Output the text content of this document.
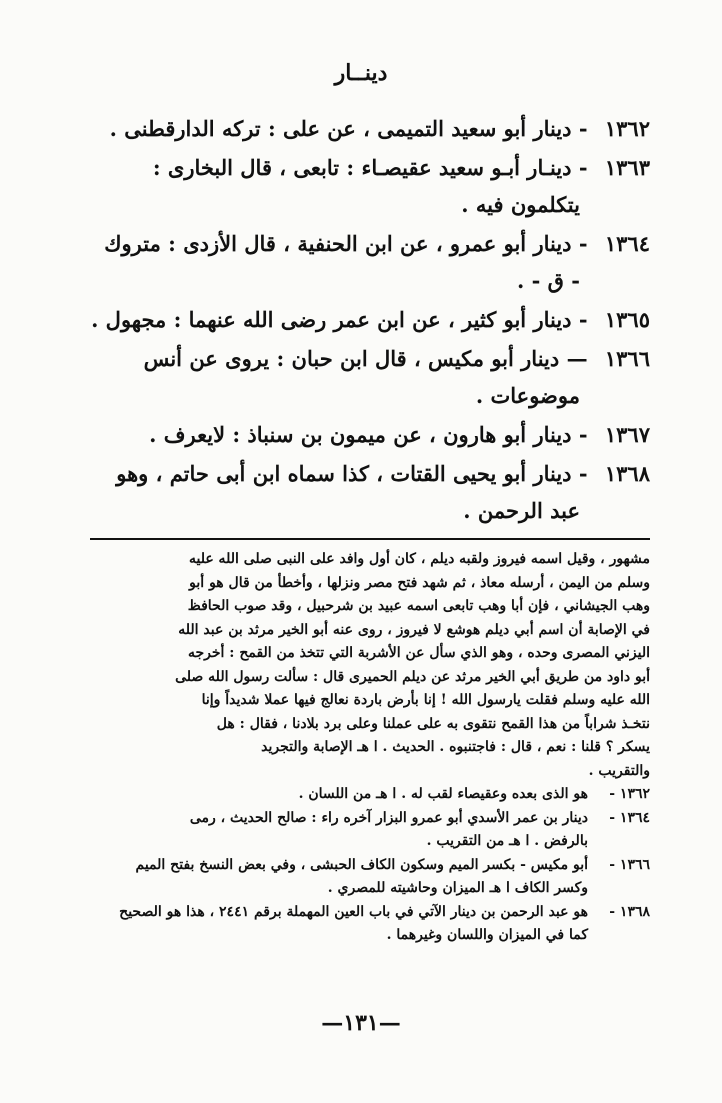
دينــار
١٣٦٢ - دينار أبو سعيد التميمى ، عن على : تركه الدارقطنى .
١٣٦٣ - دينـار أبـو سعيد عقيصـاء : تابعى ، قال البخارى :
يتكلمون فيه .
١٣٦٤ - دينار أبو عمرو ، عن ابن الحنفية ، قال الأزدى : متروك
- ق - .
١٣٦٥ - دينار أبو كثير ، عن ابن عمر رضى الله عنهما : مجهول .
١٣٦٦ — دينار أبو مكيس ، قال ابن حبان : يروى عن أنس
موضوعات .
١٣٦٧ - دينار أبو هارون ، عن ميمون بن سنباذ : لايعرف .
١٣٦٨ - دينار أبو يحيى القتات ، كذا سماه ابن أبى حاتم ، وهو
عبد الرحمن .

مشهور ، وقيل اسمه فيروز ولقبه ديلم ، كان أول وافد على النبى صلى الله عليه

وسلم من اليمن ، أرسله معاذ ، ثم شهد فتح مصر ونزلها ، وأخطأ من قال هو أبو

وهب الجيشاني ، فإن أبا وهب تابعى اسمه عبيد بن شرحبيل ، وقد صوب الحافظ

في الإصابة أن اسم أبي ديلم هوشع لا فيروز ، روى عنه أبو الخير مرثد بن عبد الله

اليزني المصرى وحده ، وهو الذي سأل عن الأشربة التي تتخذ من القمح : أخرجه

أبو داود من طريق أبي الخير مرثد عن ديلم الحميرى قال : سألت رسول الله صلى

الله عليه وسلم فقلت يارسول الله ! إنا بأرض باردة نعالج فيها عملا شديداً وإنا

نتخـذ شراباً من هذا القمح نتقوى به على عملنا وعلى برد بلادنا ، فقال : هل

يسكر ؟ قلنا : نعم ، قال : فاجتنبوه . الحديث . ا هـ الإصابة والتجريد

والتقريب .

١٣٦٢ -
هو الذى بعده وعقيصاء لقب له . ا هـ من اللسان .
١٣٦٤ -
دينار بن عمر الأسدي أبو عمرو البزار آخره راء : صالح الحديث ، رمى
بالرفض . ا هـ من التقريب .
١٣٦٦ -
أبو مكيس - بكسر الميم وسكون الكاف الحبشى ، وفي بعض النسخ بفتح الميم
وكسر الكاف ا هـ الميزان وحاشيته للمصري .
١٣٦٨ -
هو عبد الرحمن بن دينار الآتي في باب العين المهملة برقم ٢٤٤١ ، هذا هو الصحيح
كما في الميزان واللسان وغيرهما .
—١٣١—
